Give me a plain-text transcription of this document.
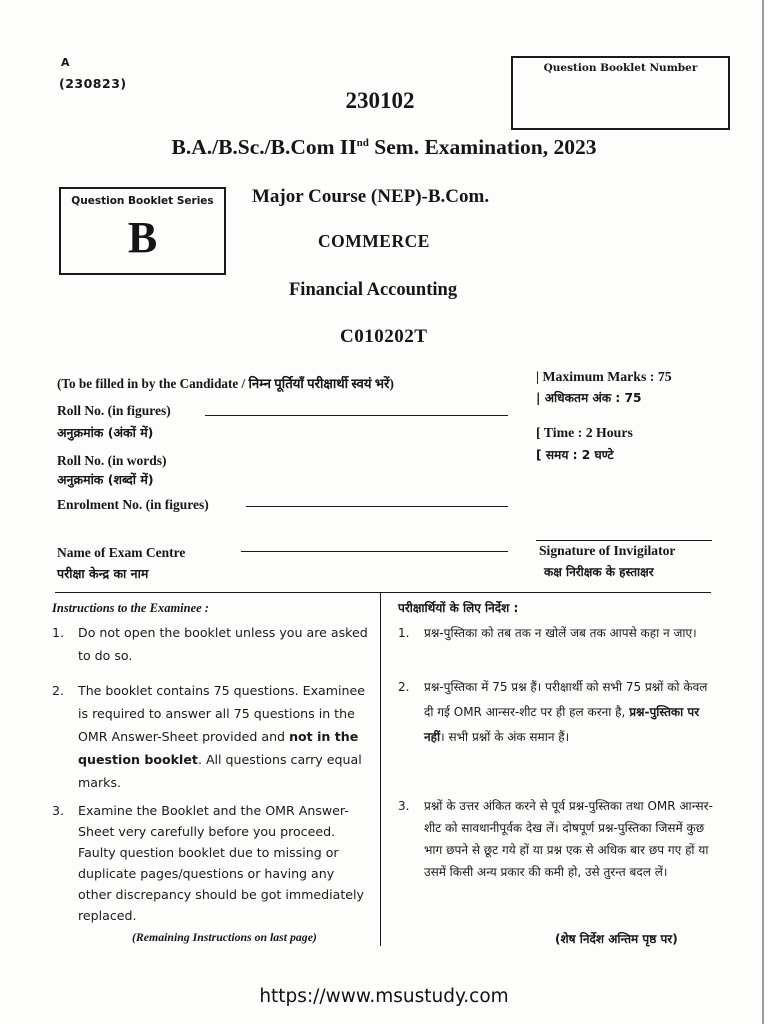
A
(230823)
Question Booklet Number
230102
B.A./B.Sc./B.Com IInd Sem. Examination, 2023
Question Booklet Series
B
Major Course (NEP)-B.Com.
COMMERCE
Financial Accounting
C010202T
(To be filled in by the Candidate / निम्न पूर्तियाँ परीक्षार्थी स्वयं भरें)
Roll No. (in figures)
अनुक्रमांक (अंकों में)
Roll No. (in words)
अनुक्रमांक (शब्दों में)
Enrolment No. (in figures)
Name of Exam Centre
परीक्षा केन्द्र का नाम
| Maximum Marks : 75
| अधिकतम अंक : 75
[ Time : 2 Hours
[ समय : 2 घण्टे
Signature of Invigilator
कक्ष निरीक्षक के हस्ताक्षर
Instructions to the Examinee :
1. Do not open the booklet unless you are asked to do so.
2. The booklet contains 75 questions. Examinee is required to answer all 75 questions in the OMR Answer-Sheet provided and not in the question booklet. All questions carry equal marks.
3. Examine the Booklet and the OMR Answer-Sheet very carefully before you proceed. Faulty question booklet due to missing or duplicate pages/questions or having any other discrepancy should be got immediately replaced.
(Remaining Instructions on last page)
परीक्षार्थियों के लिए निर्देश :
1. प्रश्न-पुस्तिका को तब तक न खोलें जब तक आपसे कहा न जाए।
2. प्रश्न-पुस्तिका में 75 प्रश्न हैं। परीक्षार्थी को सभी 75 प्रश्नों को केवल दी गई OMR आन्सर-शीट पर ही हल करना है, प्रश्न-पुस्तिका पर नहीं। सभी प्रश्नों के अंक समान हैं।
3. प्रश्नों के उत्तर अंकित करने से पूर्व प्रश्न-पुस्तिका तथा OMR आन्सर-शीट को सावधानीपूर्वक देख लें। दोषपूर्ण प्रश्न-पुस्तिका जिसमें कुछ भाग छपने से छूट गये हों या प्रश्न एक से अधिक बार छप गए हों या उसमें किसी अन्य प्रकार की कमी हो, उसे तुरन्त बदल लें।
(शेष निर्देश अन्तिम पृष्ठ पर)
https://www.msustudy.com
